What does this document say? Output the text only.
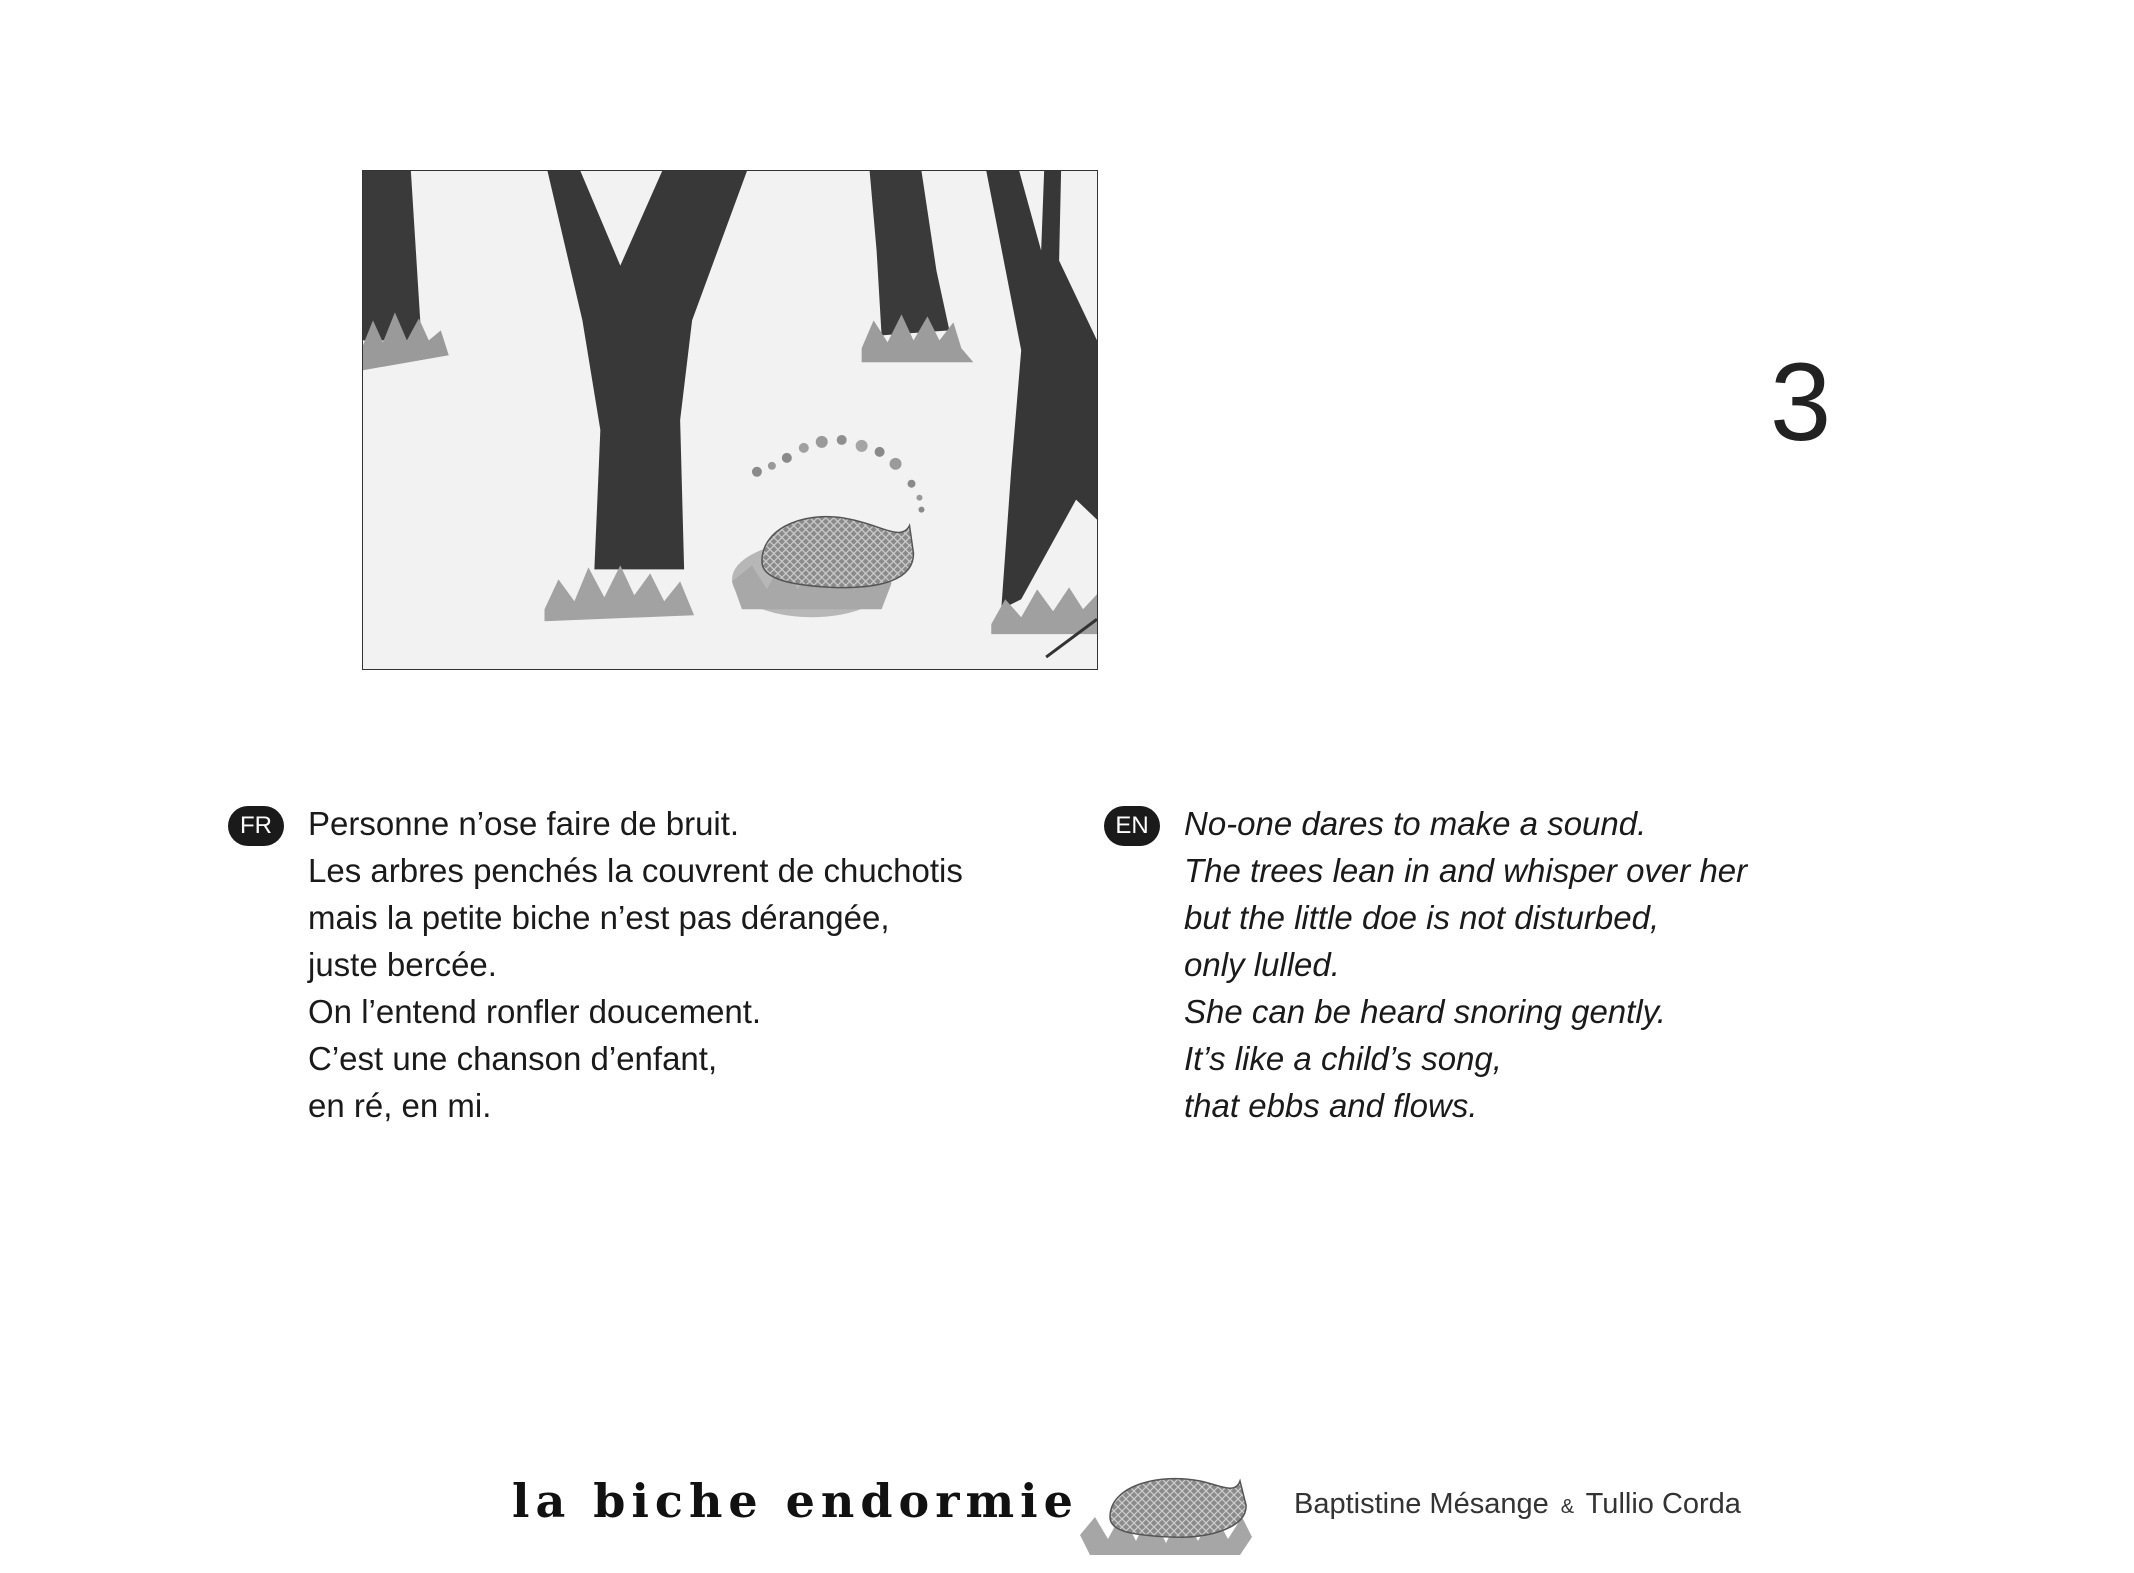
3
FR	Personne n’ose faire de bruit.
Les arbres penchés la couvrent de chuchotis
mais la petite biche n’est pas dérangée,
juste bercée.
On l’entend ronfler doucement.
C’est une chanson d’enfant,
en ré, en mi.
EN	No-one dares to make a sound.
The trees lean in and whisper over her
but the little doe is not disturbed,
only lulled.
She can be heard snoring gently.
It’s like a child’s song,
that ebbs and flows.
la biche endormie	Baptistine Mésange & Tullio Corda
